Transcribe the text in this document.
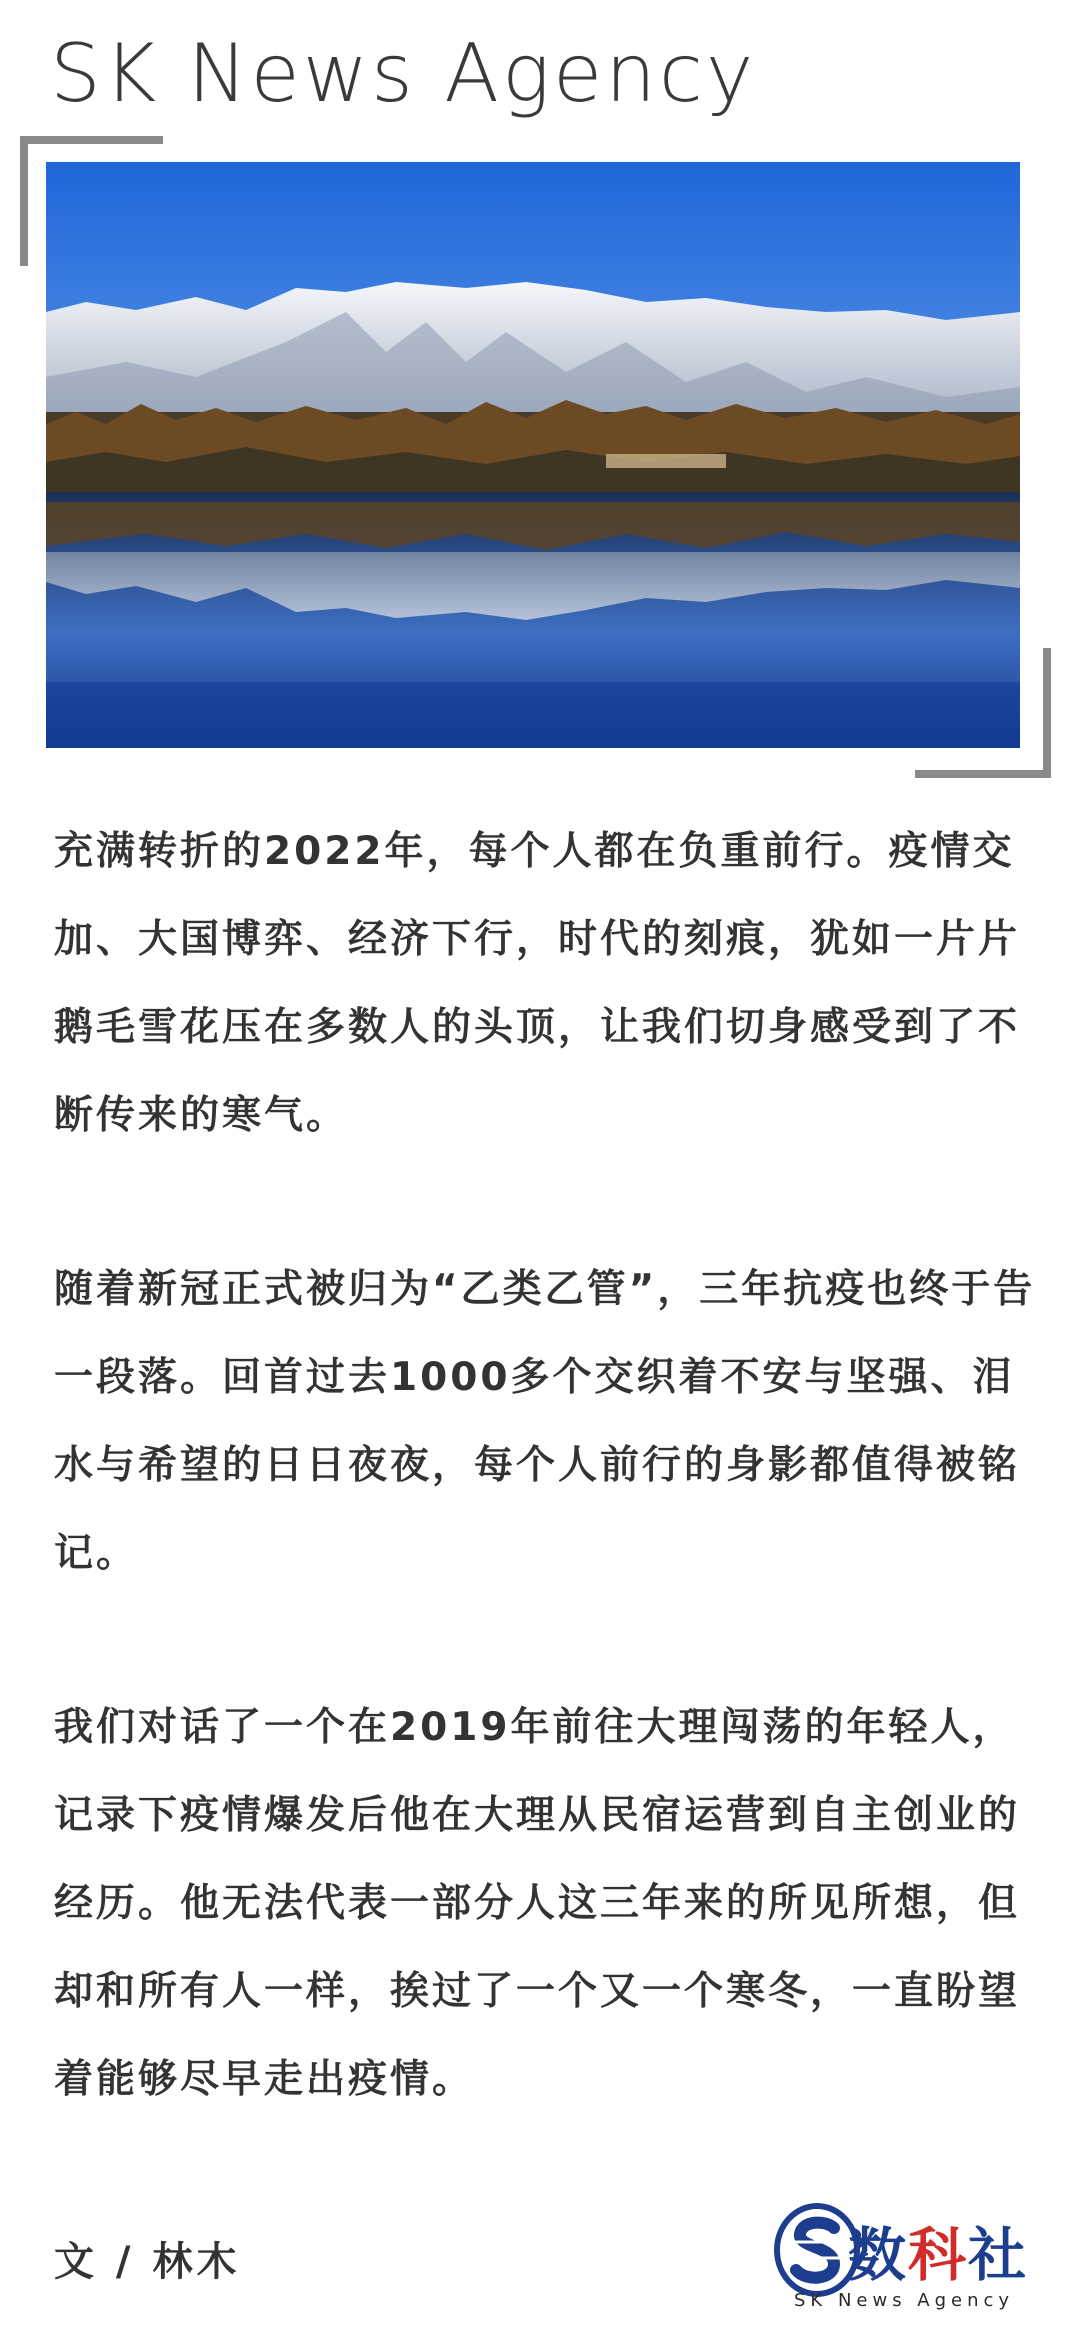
SK News Agency

充满转折的2022年，每个人都在负重前行。疫情交加、大国博弈、经济下行，时代的刻痕，犹如一片片鹅毛雪花压在多数人的头顶，让我们切身感受到了不断传来的寒气。

随着新冠正式被归为“乙类乙管”，三年抗疫也终于告一段落。回首过去1000多个交织着不安与坚强、泪水与希望的日日夜夜，每个人前行的身影都值得被铭记。

我们对话了一个在2019年前往大理闯荡的年轻人，记录下疫情爆发后他在大理从民宿运营到自主创业的经历。他无法代表一部分人这三年来的所见所想，但却和所有人一样，挨过了一个又一个寒冬，一直盼望着能够尽早走出疫情。

文 / 林木	数科社
SK News Agency
